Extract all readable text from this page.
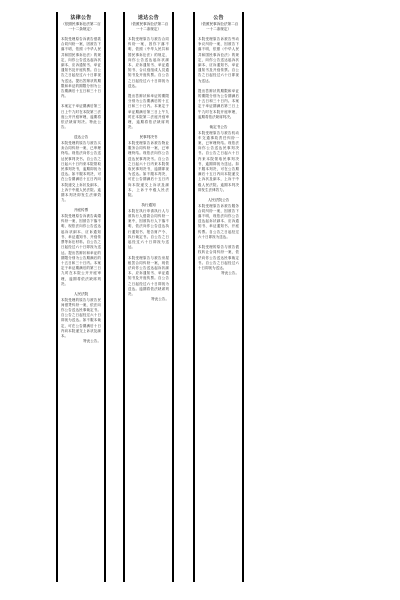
法律公告
（依照民事诉讼法第二百一十二条规定）
本院受理原告诉被告借款合同纠纷一案，因被告下落不明，依照《中华人民共和国民事诉讼法》的规定，向你公告送达起诉状副本、应诉通知书、举证通知书及开庭传票。自公告之日起经过六十日即视为送达。提出答辩状的期限和举证的期限分别为公告期满后十五日和三十日内。
本案定于举证期满后第三日上午九时在本院第三法庭公开开庭审理，逾期将依法缺席判决。特此公告。
送达公告
本院受理的原告与被告买卖合同纠纷一案，已审理终结。现依法向你公告送达民事判决书。自公告之日起六十日内来本院领取民事判决书，逾期即视为送达。如不服本判决，可在公告期满后十五日内向本院递交上诉状及副本，上诉于中级人民法院。逾期本判决即发生法律效力。
开庭传票
本院受理原告诉被告离婚纠纷一案，因被告下落不明，现依法向你公告送达起诉状副本、应诉通知书、举证通知书、开庭传票等诉讼材料。自公告之日起经过六十日即视为送达。提出答辩状和举证的期限分别为公告期满后的十五日和三十日内。本案定于举证期满后的第三日九时在本院公开开庭审理，逾期将依法缺席判决。
人民法院
本院受理的原告与被告民间借贷纠纷一案，依法向你公告送达民事裁定书。自公告之日起经过六十日即视为送达。如不服本裁定，可在公告期满后十日内向本院递交上诉状及副本。
特此公告。
送达公告
（依照民事诉讼法第二百一十二条规定）
本院受理原告与被告合同纠纷一案，因你下落不明，依照《中华人民共和国民事诉讼法》的规定，向你公告送达起诉状副本、应诉通知书、举证通知书、合议庭组成人员通知书及开庭传票。自公告之日起经过六十日即视为送达。
提出答辩状和举证的期限分别为公告期满后的十五日和三十日内。本案定于举证期满后第三日上午九时在本院第二法庭开庭审理，逾期将依法缺席判决。
民事判决书
本院受理原告诉被告物业服务合同纠纷一案，已审理终结。现依法向你公告送达民事判决书。自公告之日起六十日内来本院领取民事判决书，逾期即视为送达。如不服本判决，可在公告期满后十五日内向本院递交上诉状及副本，上诉于中级人民法院。
执行通知
本院在执行申请执行人与被执行人借款合同纠纷一案中，因被执行人下落不明，依法向你公告送达执行通知书、报告财产令、执行裁定书。自公告之日起经过六十日即视为送达。
本院受理原告与被告房屋租赁合同纠纷一案，现依法向你公告送达起诉状副本、应诉通知书、举证通知书及开庭传票。自公告之日起经过六十日即视为送达。逾期将依法缺席判决。
特此公告。
公告
（依照民事诉讼法第二百一十二条规定）
本院受理原告诉被告劳动争议纠纷一案，因被告下落不明，依照《中华人民共和国民事诉讼法》的规定，向你公告送达起诉状副本、应诉通知书、举证通知书及开庭传票。自公告之日起经过六十日即视为送达。
提出答辩状的期限和举证的期限分别为公告期满后十五日和三十日内。本案定于举证期满后第三日上午九时在本院开庭审理，逾期将依法缺席判决。
裁定书公告
本院受理原告与被告机动车交通事故责任纠纷一案，已审理终结。现依法向你公告送达民事判决书。自公告之日起六十日内来本院领取民事判决书，逾期即视为送达。如不服本判决，可在公告期满后十五日内向本院递交上诉状及副本，上诉于中级人民法院。逾期本判决即发生法律效力。
人民法院公告
本院受理原告诉被告服务合同纠纷一案，因被告下落不明，现依法向你公告送达起诉状副本、应诉通知书、举证通知书、开庭传票。自公告之日起经过六十日即视为送达。
本院受理的原告与被告债权转让合同纠纷一案，依法向你公告送达民事裁定书。自公告之日起经过六十日即视为送达。
特此公告。
